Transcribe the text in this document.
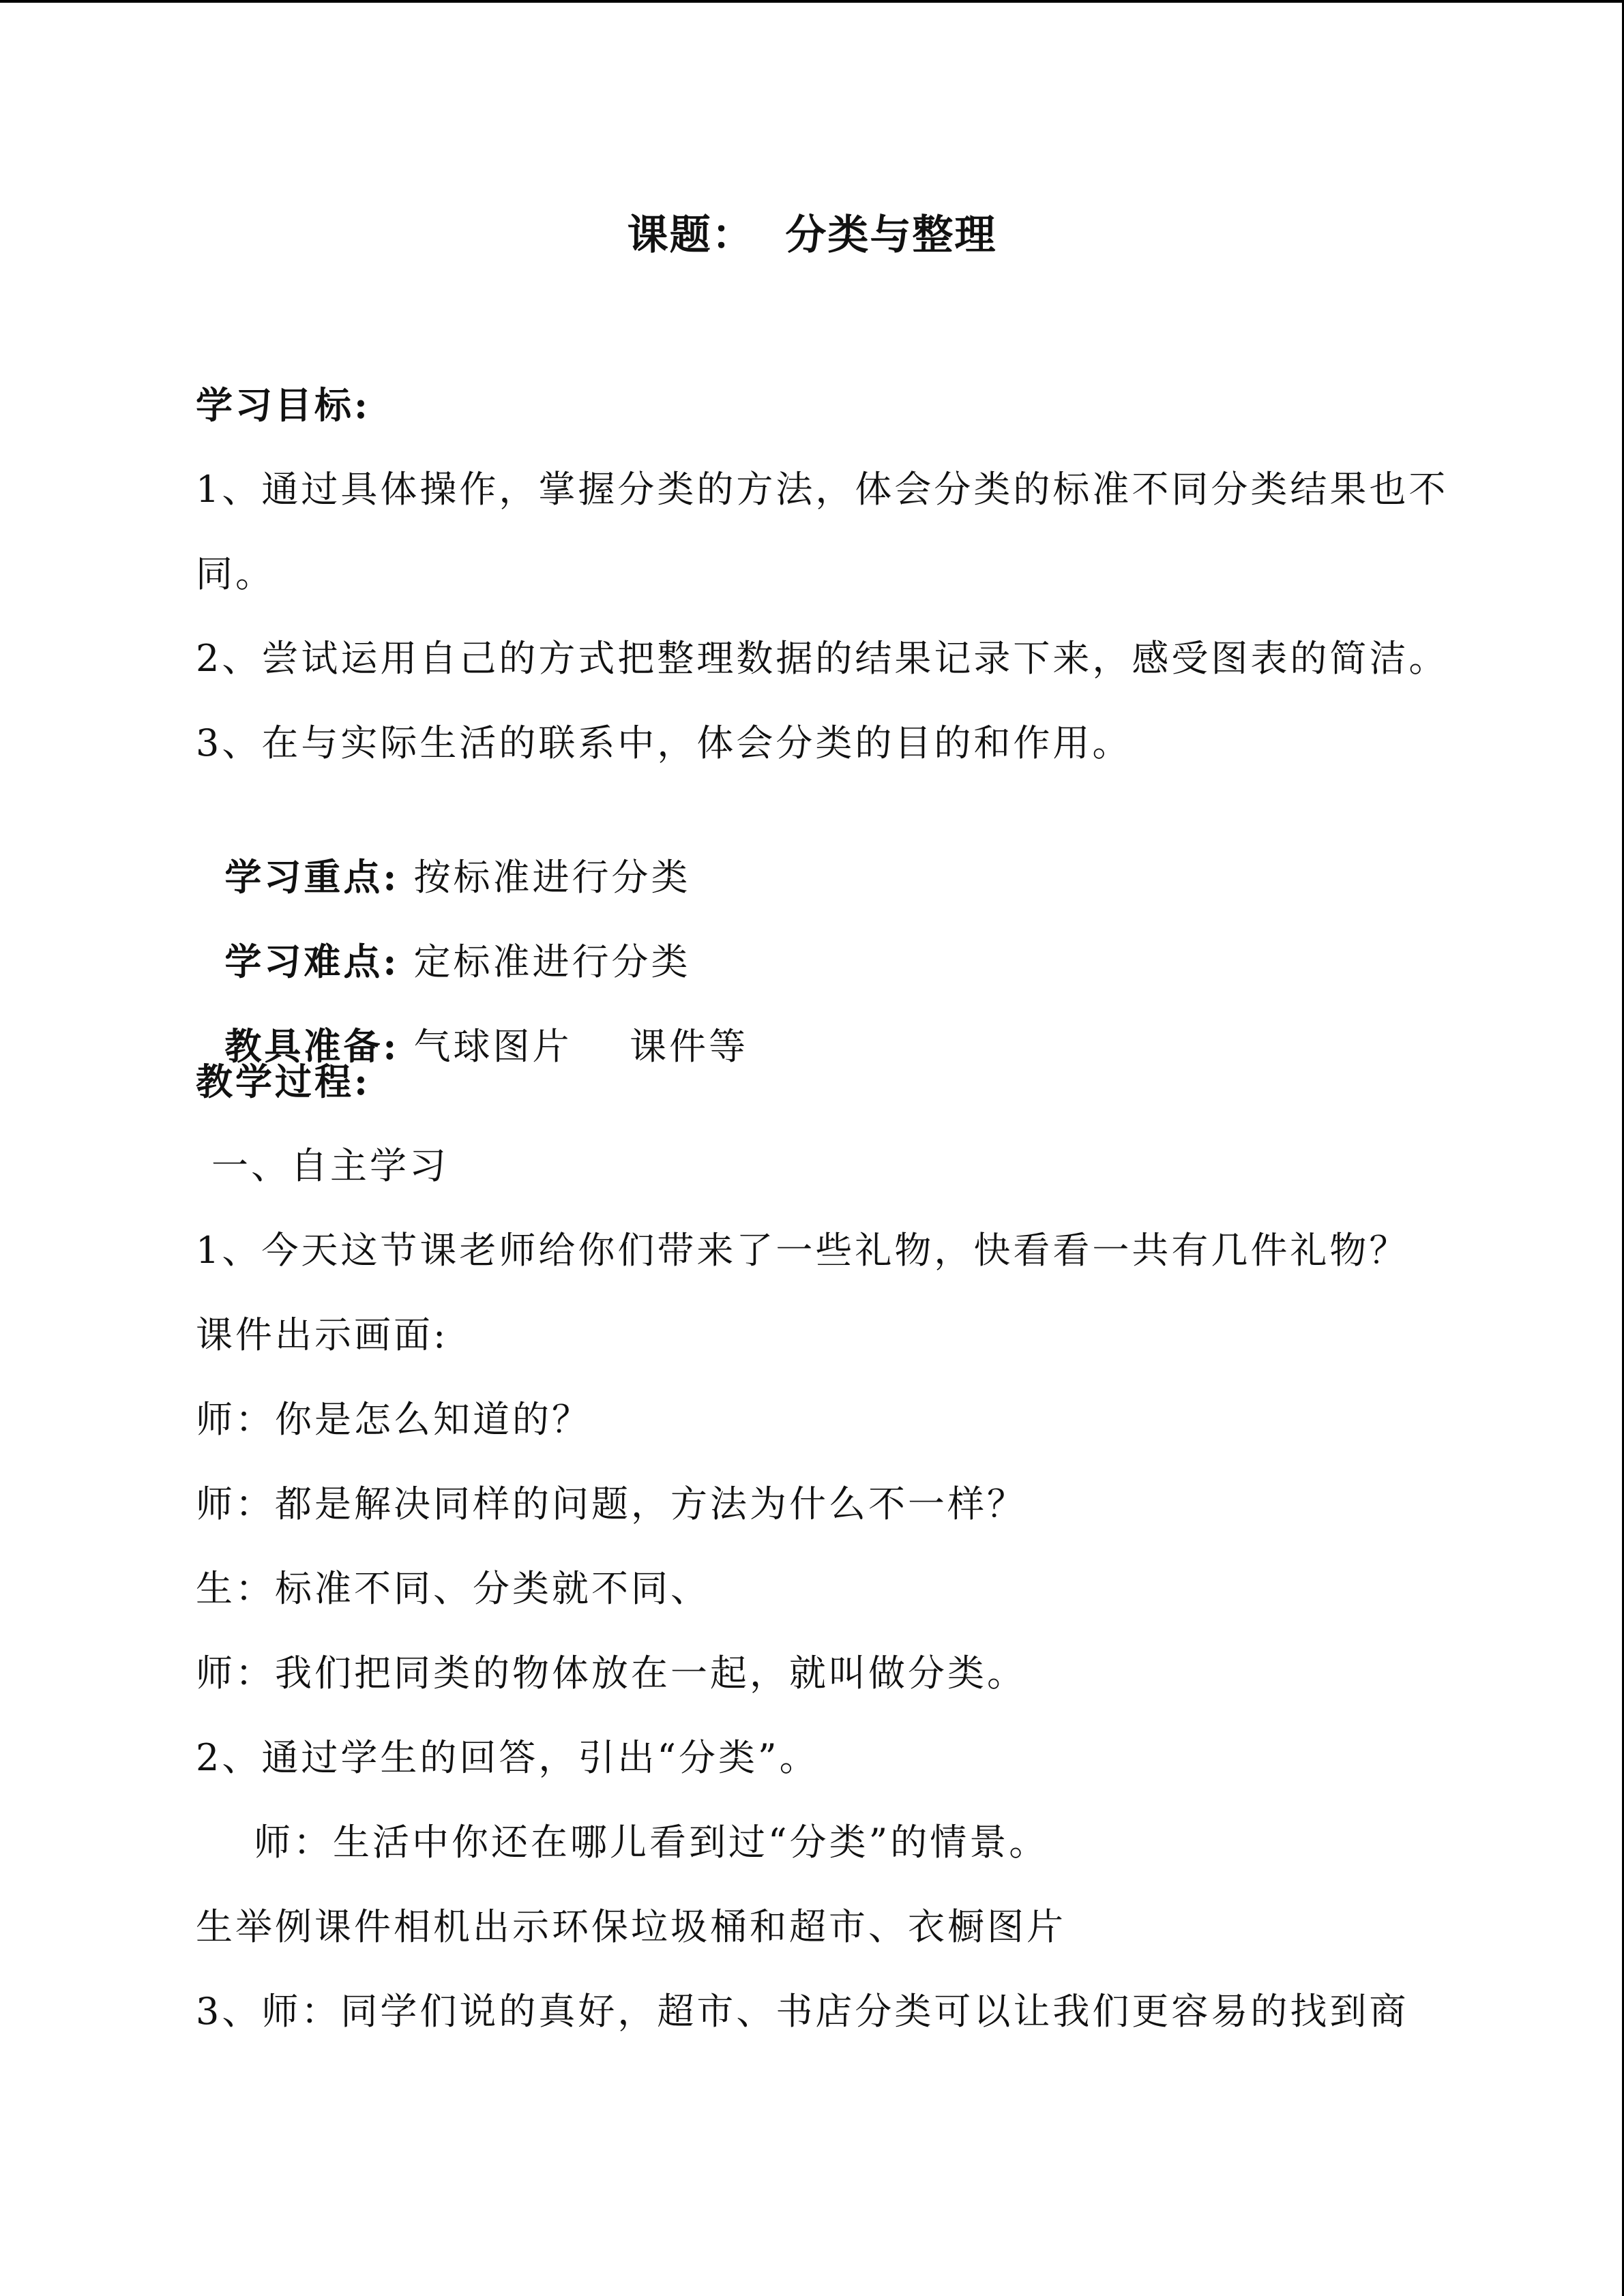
课题：  分类与整理
学习目标:
1、通过具体操作，掌握分类的方法，体会分类的标准不同分类结果也不
同。
2、尝试运用自己的方式把整理数据的结果记录下来，感受图表的简洁。
3、在与实际生活的联系中，体会分类的目的和作用。

学习重点: 按标准进行分类

学习难点: 定标准进行分类

教具准备: 气球图片    课件等

教学过程:
一、自主学习
1、今天这节课老师给你们带来了一些礼物，快看看一共有几件礼物？
课件出示画面:
师：你是怎么知道的？
师：都是解决同样的问题，方法为什么不一样？
生：标准不同、分类就不同、
师：我们把同类的物体放在一起，就叫做分类。
2、通过学生的回答，引出“分类”。
师：生活中你还在哪儿看到过“分类”的情景。
生举例课件相机出示环保垃圾桶和超市、衣橱图片
3、师：同学们说的真好，超市、书店分类可以让我们更容易的找到商
